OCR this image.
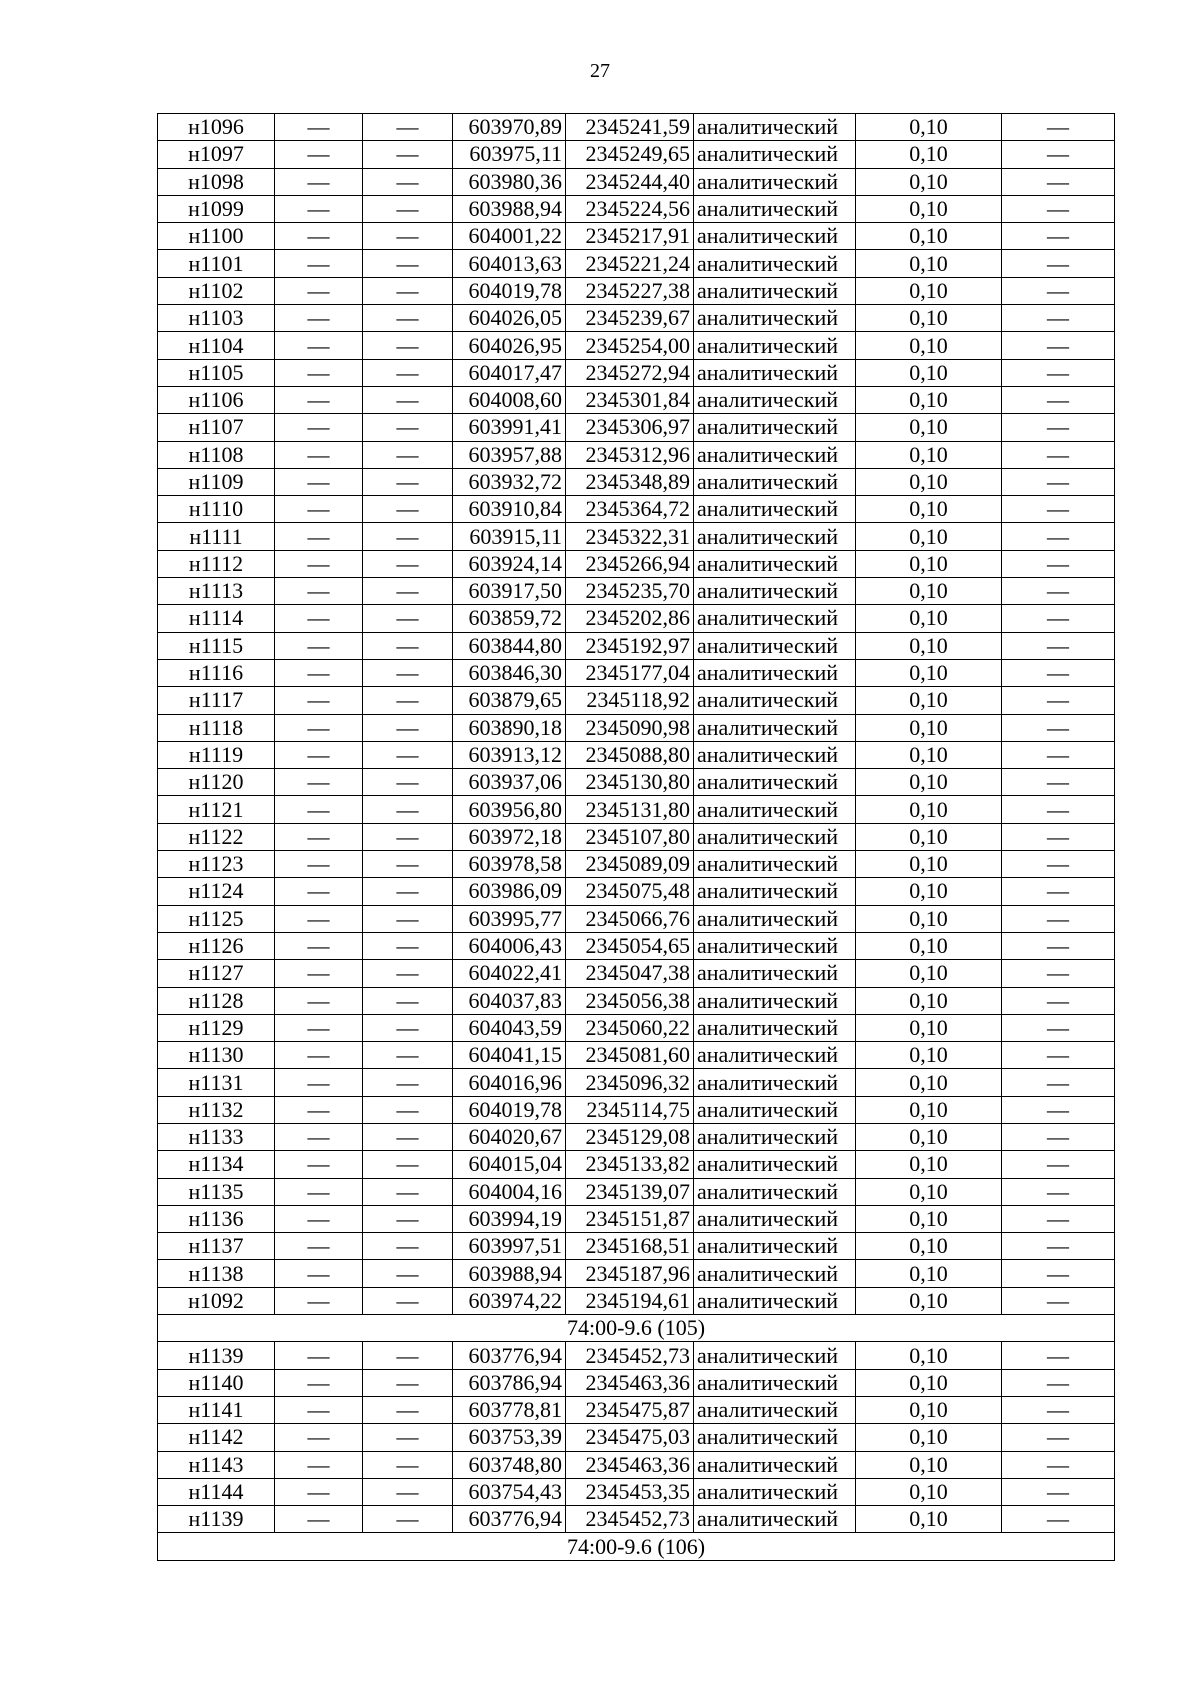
27
н1096	—	—	603970,89	2345241,59	аналитический	0,10	—
н1097	—	—	603975,11	2345249,65	аналитический	0,10	—
н1098	—	—	603980,36	2345244,40	аналитический	0,10	—
н1099	—	—	603988,94	2345224,56	аналитический	0,10	—
н1100	—	—	604001,22	2345217,91	аналитический	0,10	—
н1101	—	—	604013,63	2345221,24	аналитический	0,10	—
н1102	—	—	604019,78	2345227,38	аналитический	0,10	—
н1103	—	—	604026,05	2345239,67	аналитический	0,10	—
н1104	—	—	604026,95	2345254,00	аналитический	0,10	—
н1105	—	—	604017,47	2345272,94	аналитический	0,10	—
н1106	—	—	604008,60	2345301,84	аналитический	0,10	—
н1107	—	—	603991,41	2345306,97	аналитический	0,10	—
н1108	—	—	603957,88	2345312,96	аналитический	0,10	—
н1109	—	—	603932,72	2345348,89	аналитический	0,10	—
н1110	—	—	603910,84	2345364,72	аналитический	0,10	—
н1111	—	—	603915,11	2345322,31	аналитический	0,10	—
н1112	—	—	603924,14	2345266,94	аналитический	0,10	—
н1113	—	—	603917,50	2345235,70	аналитический	0,10	—
н1114	—	—	603859,72	2345202,86	аналитический	0,10	—
н1115	—	—	603844,80	2345192,97	аналитический	0,10	—
н1116	—	—	603846,30	2345177,04	аналитический	0,10	—
н1117	—	—	603879,65	2345118,92	аналитический	0,10	—
н1118	—	—	603890,18	2345090,98	аналитический	0,10	—
н1119	—	—	603913,12	2345088,80	аналитический	0,10	—
н1120	—	—	603937,06	2345130,80	аналитический	0,10	—
н1121	—	—	603956,80	2345131,80	аналитический	0,10	—
н1122	—	—	603972,18	2345107,80	аналитический	0,10	—
н1123	—	—	603978,58	2345089,09	аналитический	0,10	—
н1124	—	—	603986,09	2345075,48	аналитический	0,10	—
н1125	—	—	603995,77	2345066,76	аналитический	0,10	—
н1126	—	—	604006,43	2345054,65	аналитический	0,10	—
н1127	—	—	604022,41	2345047,38	аналитический	0,10	—
н1128	—	—	604037,83	2345056,38	аналитический	0,10	—
н1129	—	—	604043,59	2345060,22	аналитический	0,10	—
н1130	—	—	604041,15	2345081,60	аналитический	0,10	—
н1131	—	—	604016,96	2345096,32	аналитический	0,10	—
н1132	—	—	604019,78	2345114,75	аналитический	0,10	—
н1133	—	—	604020,67	2345129,08	аналитический	0,10	—
н1134	—	—	604015,04	2345133,82	аналитический	0,10	—
н1135	—	—	604004,16	2345139,07	аналитический	0,10	—
н1136	—	—	603994,19	2345151,87	аналитический	0,10	—
н1137	—	—	603997,51	2345168,51	аналитический	0,10	—
н1138	—	—	603988,94	2345187,96	аналитический	0,10	—
н1092	—	—	603974,22	2345194,61	аналитический	0,10	—
74:00-9.6 (105)							
н1139	—	—	603776,94	2345452,73	аналитический	0,10	—
н1140	—	—	603786,94	2345463,36	аналитический	0,10	—
н1141	—	—	603778,81	2345475,87	аналитический	0,10	—
н1142	—	—	603753,39	2345475,03	аналитический	0,10	—
н1143	—	—	603748,80	2345463,36	аналитический	0,10	—
н1144	—	—	603754,43	2345453,35	аналитический	0,10	—
н1139	—	—	603776,94	2345452,73	аналитический	0,10	—
74:00-9.6 (106)							
